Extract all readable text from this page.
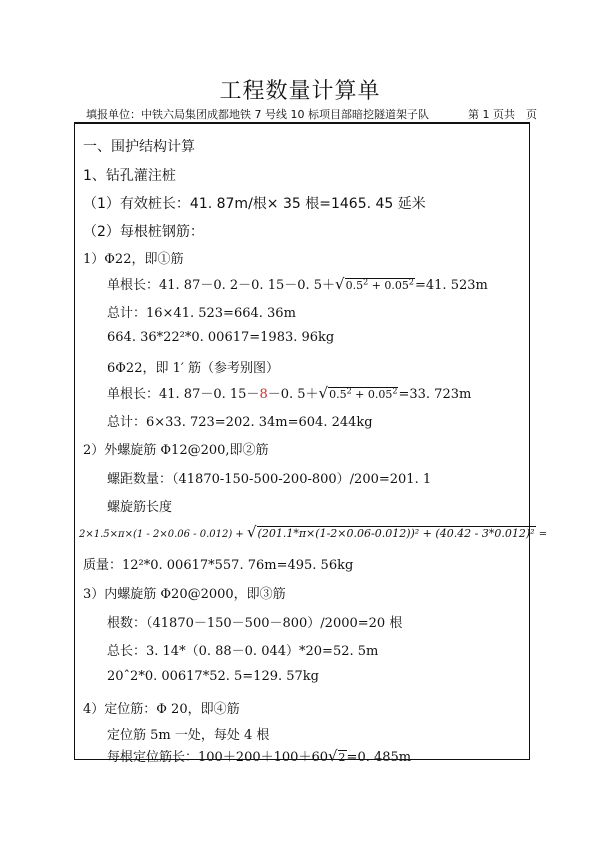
工程数量计算单
填报单位：中铁六局集团成都地铁 7 号线 10 标项目部暗挖隧道架子队	第 1 页共　页
一、围护结构计算
1、钻孔灌注桩
（1）有效桩长：41. 87m/根× 35 根=1465. 45 延米
（2）每根桩钢筋：
1）Φ22，即①筋
单根长：41. 87－0. 2－0. 15－0. $5+√0.5^2 + 0.05^2=41$. 523m
总计：16×41. 523=664. 36m
664. 36*22²*0. 00617=1983. 96kg
6Φ22，即 1′ 筋（参考别图）
单根长：41. 87－0. 15－8－0. $5+√0.5^2 + 0.05^2=33$. 723m
总计：6×33. 723=202. 34m=604. 244kg
2）外螺旋筋 Φ12@200,即②筋
螺距数量：（41870-150-500-200-800）/200=201. 1
螺旋筋长度
2×1.5×π×(1 - 2×0.06 - 0.012) + √(201.1*π×(1-2×0.06-0.012))² + (40.42 - 3*0.012)² =
质量：12²*0. 00617*557. 76m=495. 56kg
3）内螺旋筋 Φ20@2000，即③筋
根数：（41870－150－500－800）/2000=20 根
总长：3. 14*（0. 88－0. 044）*20=52. 5m
20ˆ2*0. 00617*52. 5=129. 57kg
4）定位筋：Φ 20，即④筋
定位筋 5m 一处，每处 4 根
每根定位筋长：100＋200＋100＋60√2=0. 485m
